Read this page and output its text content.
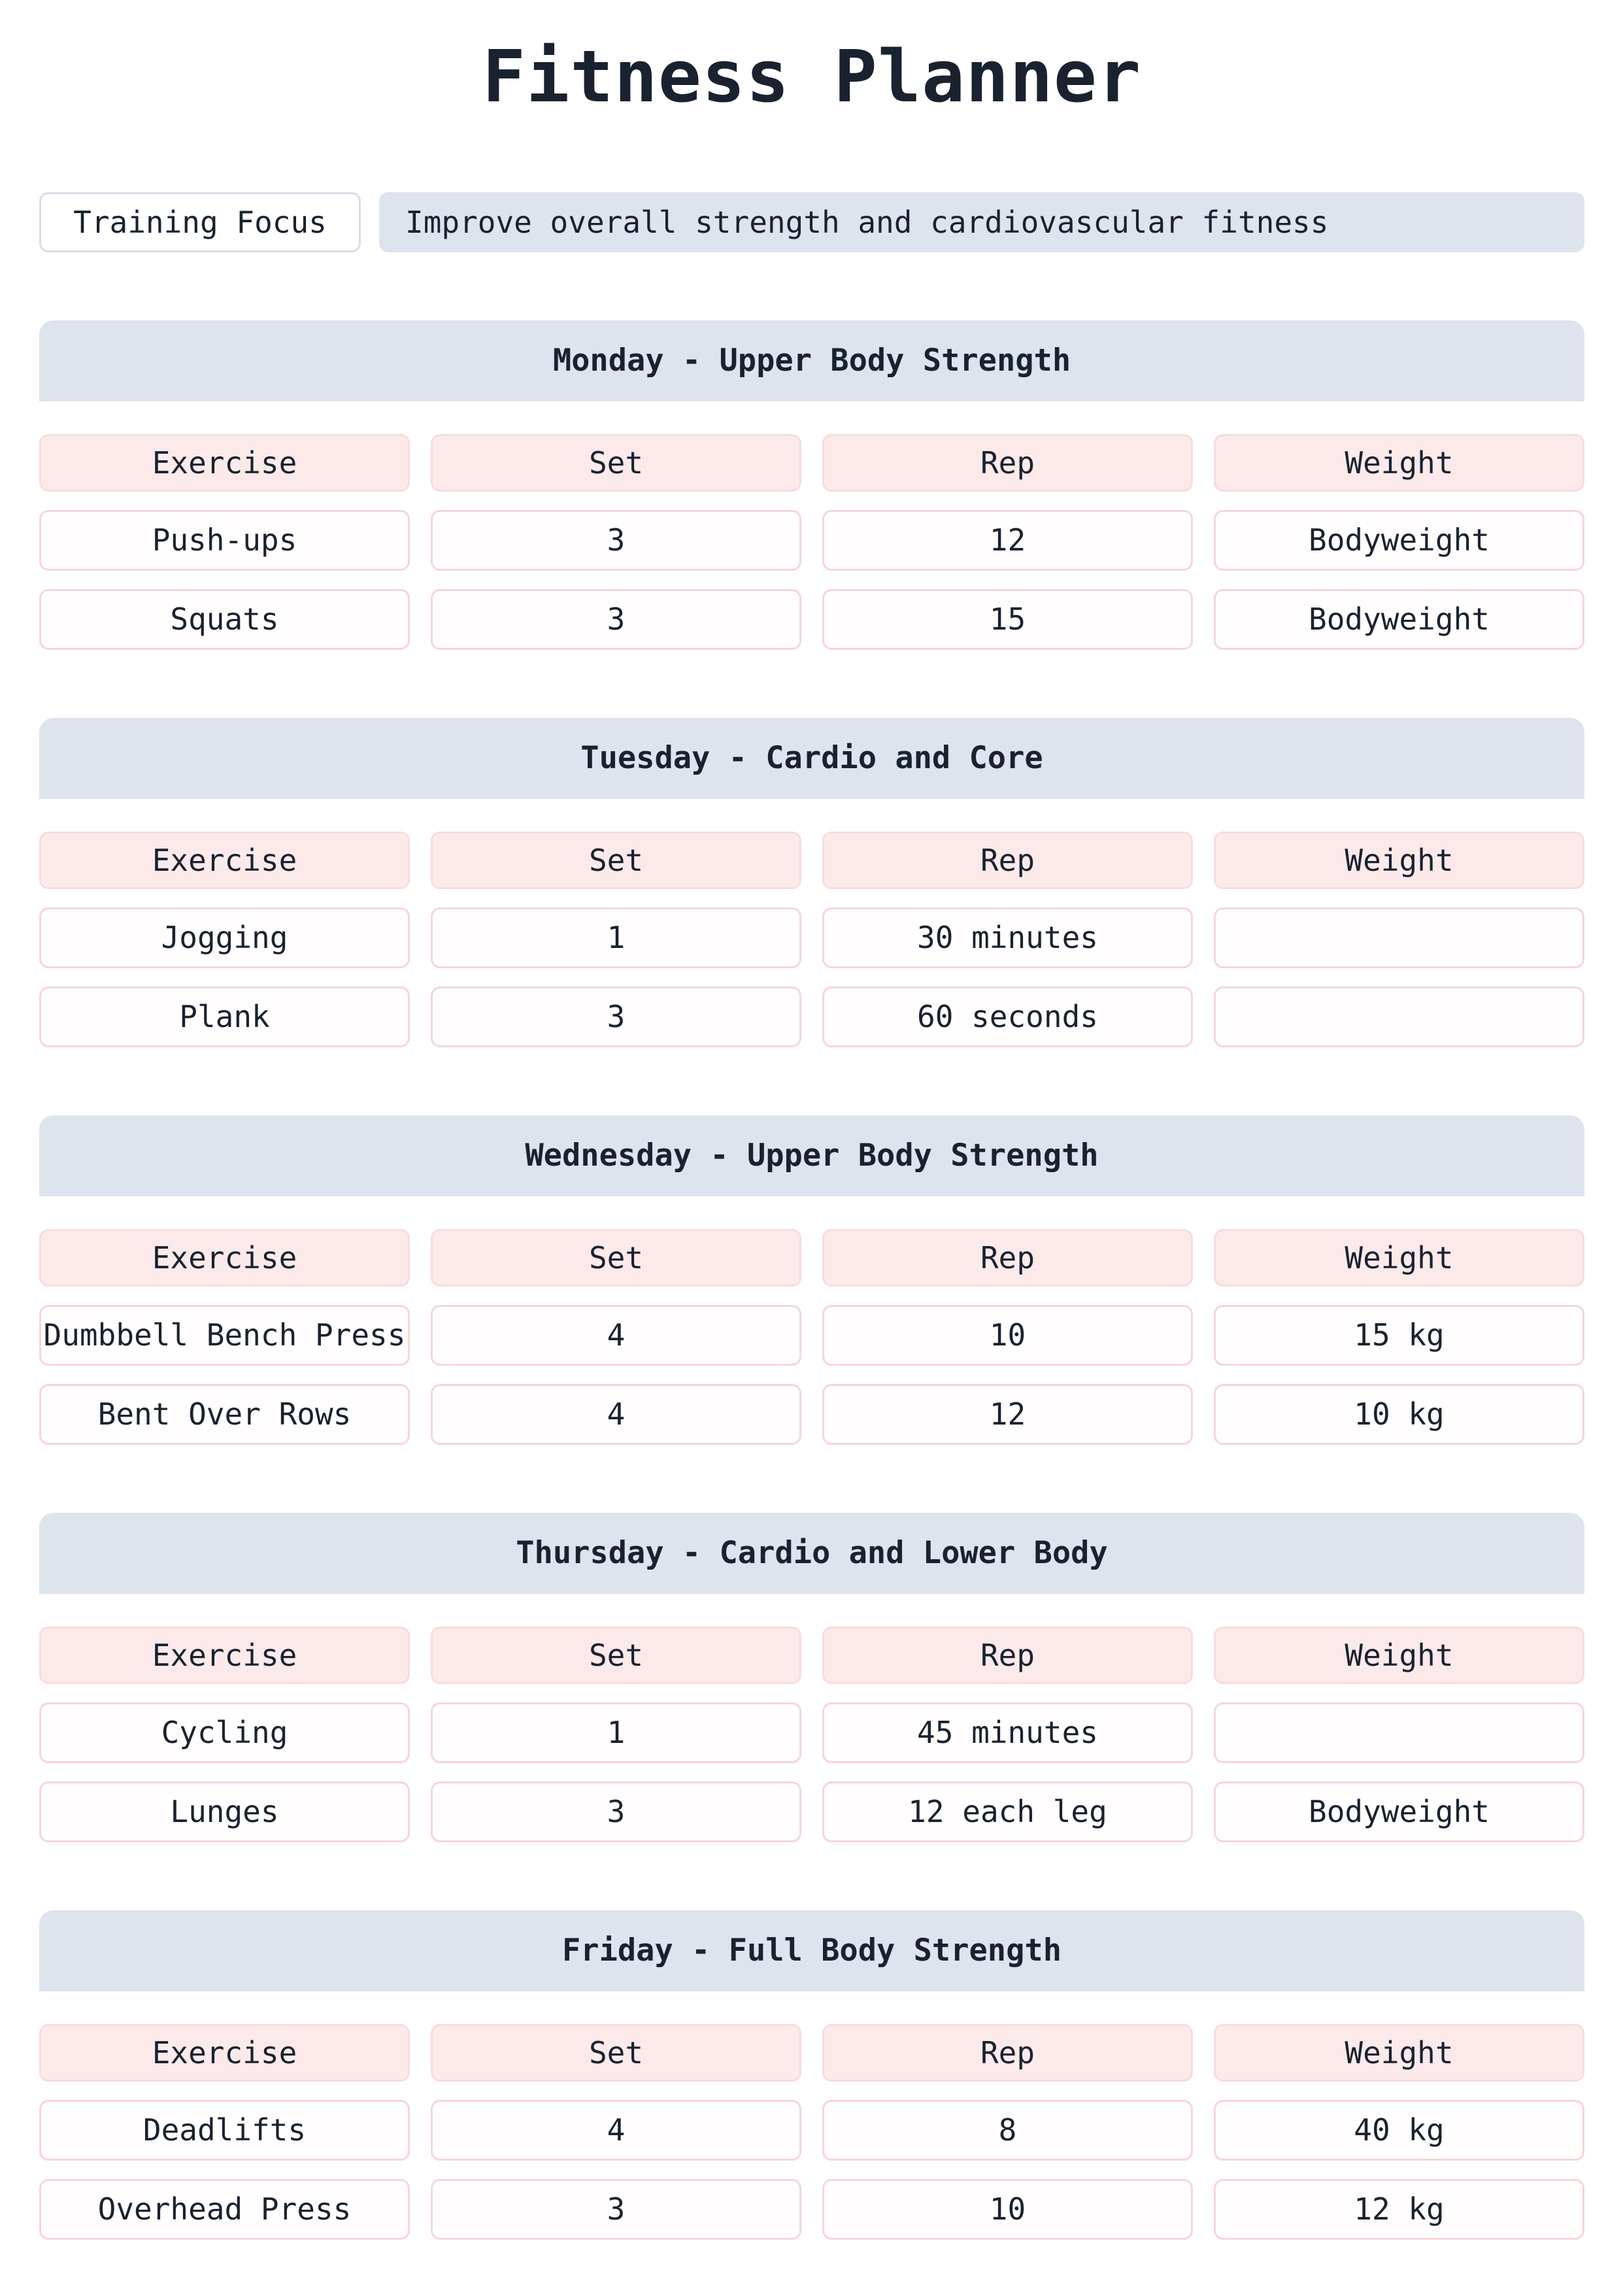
Fitness Planner
Training Focus	Improve overall strength and cardiovascular fitness
Monday - Upper Body Strength
Exercise	Set	Rep	Weight
Push-ups	3	12	Bodyweight
Squats	3	15	Bodyweight
Tuesday - Cardio and Core
Exercise	Set	Rep	Weight
Jogging	1	30 minutes
Plank	3	60 seconds
Wednesday - Upper Body Strength
Exercise	Set	Rep	Weight
Dumbbell Bench Press	4	10	15 kg
Bent Over Rows	4	12	10 kg
Thursday - Cardio and Lower Body
Exercise	Set	Rep	Weight
Cycling	1	45 minutes
Lunges	3	12 each leg	Bodyweight
Friday - Full Body Strength
Exercise	Set	Rep	Weight
Deadlifts	4	8	40 kg
Overhead Press	3	10	12 kg
